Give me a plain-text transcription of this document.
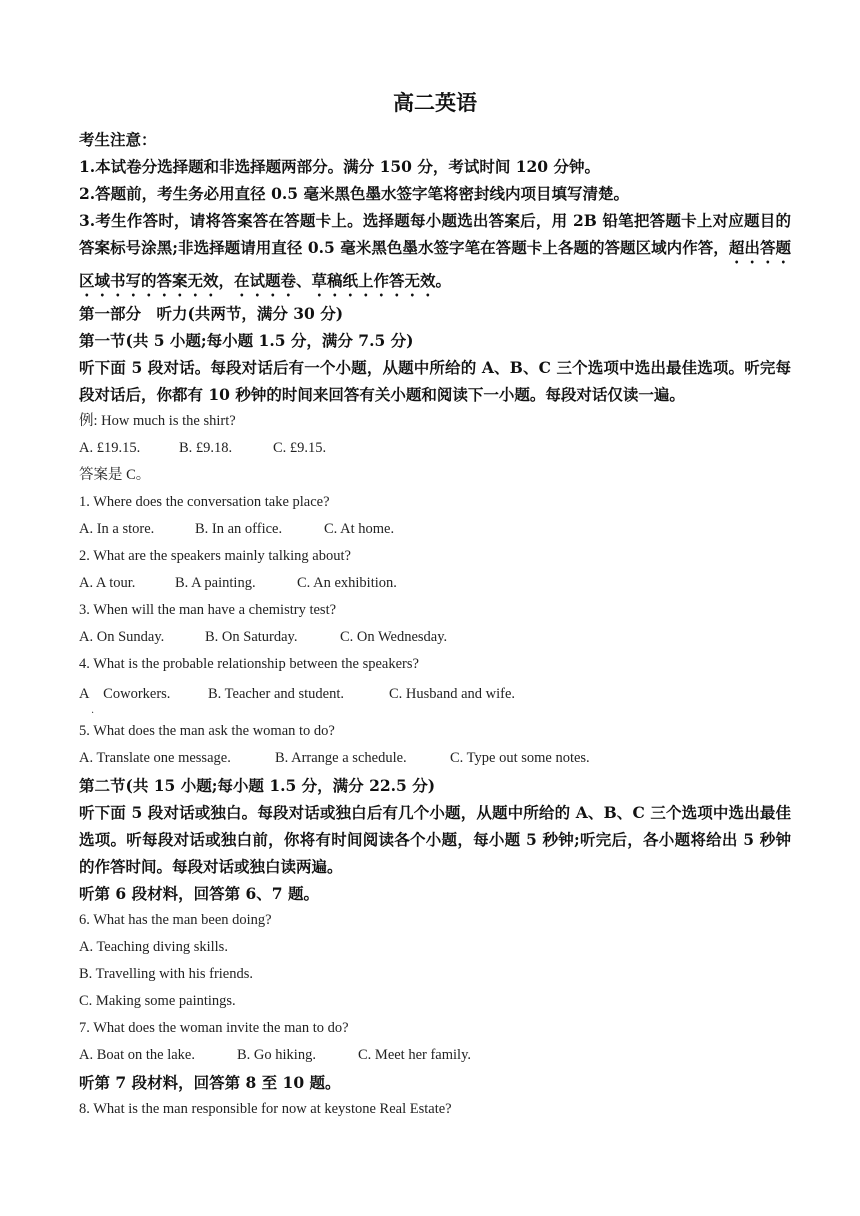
高二英语

考生注意：

1.本试卷分选择题和非选择题两部分。满分 150 分，考试时间 120 分钟。

2.答题前，考生务必用直径 0.5 毫米黑色墨水签字笔将密封线内项目填写清楚。

3.考生作答时，请将答案答在答题卡上。选择题每小题选出答案后，用 2B 铅笔把答题卡上对应题目的答案标号涂黑;非选择题请用直径 0.5 毫米黑色墨水签字笔在答题卡上各题的答题区域内作答，超出答题区域书写的答案无效，在试题卷、草稿纸上作答无效。

第一部分　听力(共两节，满分 30 分)

第一节(共 5 小题;每小题 1.5 分，满分 7.5 分)

听下面 5 段对话。每段对话后有一个小题，从题中所给的 A、B、C 三个选项中选出最佳选项。听完每段对话后，你都有 10 秒钟的时间来回答有关小题和阅读下一小题。每段对话仅读一遍。

例: How much is the shirt?

A. £19.15.	B. £9.18.	C. £9.15.

答案是 C。

1. Where does the conversation take place?

A. In a store.	B. In an office.	C. At home.

2. What are the speakers mainly talking about?

A. A tour.	B. A painting.	C. An exhibition.

3. When will the man have a chemistry test?

A. On Sunday.	B. On Saturday.	C. On Wednesday.

4. What is the probable relationship between the speakers?

A　Coworkers.	B. Teacher and student.	C. Husband and wife.

.

5. What does the man ask the woman to do?

A. Translate one message.	B. Arrange a schedule.	C. Type out some notes.

第二节(共 15 小题;每小题 1.5 分，满分 22.5 分)

听下面 5 段对话或独白。每段对话或独白后有几个小题，从题中所给的 A、B、C 三个选项中选出最佳选项。听每段对话或独白前，你将有时间阅读各个小题，每小题 5 秒钟;听完后，各小题将给出 5 秒钟的作答时间。每段对话或独白读两遍。

听第 6 段材料，回答第 6、7 题。

6. What has the man been doing?

A. Teaching diving skills.

B. Travelling with his friends.

C. Making some paintings.

7. What does the woman invite the man to do?

A. Boat on the lake.	B. Go hiking.	C. Meet her family.

听第 7 段材料，回答第 8 至 10 题。

8. What is the man responsible for now at keystone Real Estate?
